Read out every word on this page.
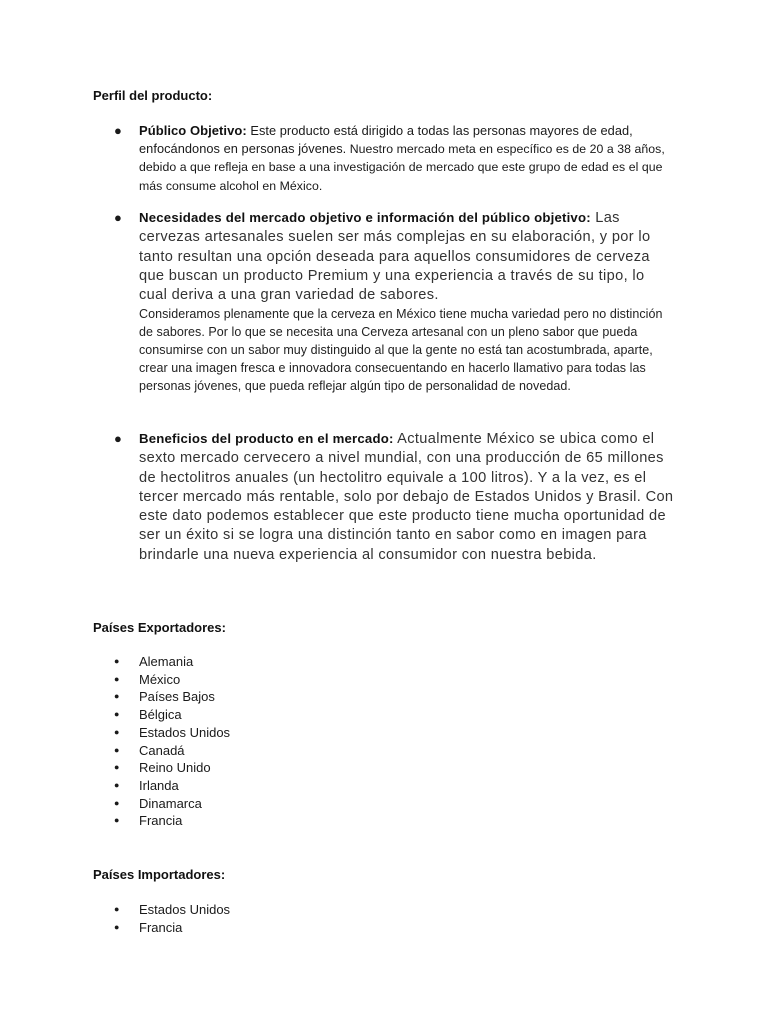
Perfil del producto:

● Público Objetivo: Este producto está dirigido a todas las personas mayores de edad, enfocándonos en personas jóvenes. Nuestro mercado meta en específico es de 20 a 38 años, debido a que refleja en base a una investigación de mercado que este grupo de edad es el que más consume alcohol en México.
● Necesidades del mercado objetivo e información del público objetivo: Las cervezas artesanales suelen ser más complejas en su elaboración, y por lo tanto resultan una opción deseada para aquellos consumidores de cerveza que buscan un producto Premium y una experiencia a través de su tipo, lo cual deriva a una gran variedad de sabores.
Consideramos plenamente que la cerveza en México tiene mucha variedad pero no distinción de sabores. Por lo que se necesita una Cerveza artesanal con un pleno sabor que pueda consumirse con un sabor muy distinguido al que la gente no está tan acostumbrada, aparte, crear una imagen fresca e innovadora consecuentando en hacerlo llamativo para todas las personas jóvenes, que pueda reflejar algún tipo de personalidad de novedad.
● Beneficios del producto en el mercado: Actualmente México se ubica como el sexto mercado cervecero a nivel mundial, con una producción de 65 millones de hectolitros anuales (un hectolitro equivale a 100 litros). Y a la vez, es el tercer mercado más rentable, solo por debajo de Estados Unidos y Brasil. Con este dato podemos establecer que este producto tiene mucha oportunidad de ser un éxito si se logra una distinción tanto en sabor como en imagen para brindarle una nueva experiencia al consumidor con nuestra bebida.

Países Exportadores:

● Alemania
● México
● Países Bajos
● Bélgica
● Estados Unidos
● Canadá
● Reino Unido
● Irlanda
● Dinamarca
● Francia

Países Importadores:

● Estados Unidos
● Francia
